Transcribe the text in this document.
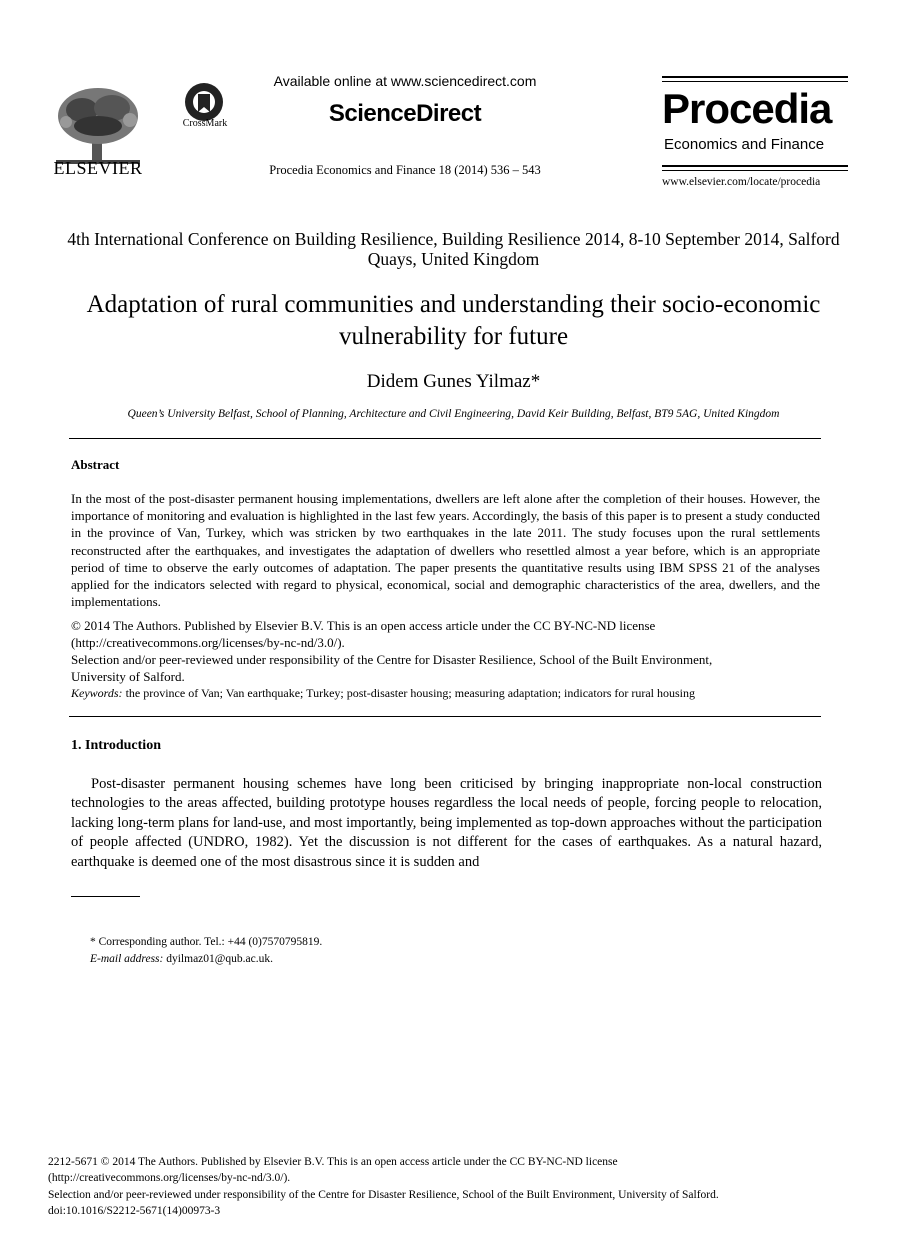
ELSEVIER
CrossMark
Available online at www.sciencedirect.com
ScienceDirect
Procedia Economics and Finance 18 (2014) 536 – 543
Procedia
Economics and Finance
www.elsevier.com/locate/procedia
4th International Conference on Building Resilience, Building Resilience 2014, 8-10 September 2014, Salford Quays, United Kingdom
Adaptation of rural communities and understanding their socio-economic vulnerability for future
Didem Gunes Yilmaz*
Queen’s University Belfast, School of Planning, Architecture and Civil Engineering, David Keir Building, Belfast, BT9 5AG, United Kingdom
Abstract
In the most of the post-disaster permanent housing implementations, dwellers are left alone after the completion of their houses. However, the importance of monitoring and evaluation is highlighted in the last few years. Accordingly, the basis of this paper is to present a study conducted in the province of Van, Turkey, which was stricken by two earthquakes in the late 2011. The study focuses upon the rural settlements reconstructed after the earthquakes, and investigates the adaptation of dwellers who resettled almost a year before, which is an appropriate period of time to observe the early outcomes of adaptation. The paper presents the quantitative results using IBM SPSS 21 of the analyses applied for the indicators selected with regard to physical, economical, social and demographic characteristics of the area, dwellers, and the implementations.
© 2014 The Authors. Published by Elsevier B.V. This is an open access article under the CC BY-NC-ND license
(http://creativecommons.org/licenses/by-nc-nd/3.0/).
Selection and/or peer-reviewed under responsibility of the Centre for Disaster Resilience, School of the Built Environment,
University of Salford.
Keywords: the province of Van; Van earthquake; Turkey; post-disaster housing; measuring adaptation; indicators for rural housing
1. Introduction
Post-disaster permanent housing schemes have long been criticised by bringing inappropriate non-local construction technologies to the areas affected, building prototype houses regardless the local needs of people, forcing people to relocation, lacking long-term plans for land-use, and most importantly, being implemented as top-down approaches without the participation of people affected (UNDRO, 1982). Yet the discussion is not different for the cases of earthquakes. As a natural hazard, earthquake is deemed one of the most disastrous since it is sudden and
* Corresponding author. Tel.: +44 (0)7570795819.
E-mail address: dyilmaz01@qub.ac.uk.
2212-5671 © 2014 The Authors. Published by Elsevier B.V. This is an open access article under the CC BY-NC-ND license
(http://creativecommons.org/licenses/by-nc-nd/3.0/).
Selection and/or peer-reviewed under responsibility of the Centre for Disaster Resilience, School of the Built Environment, University of Salford.
doi:10.1016/S2212-5671(14)00973-3
